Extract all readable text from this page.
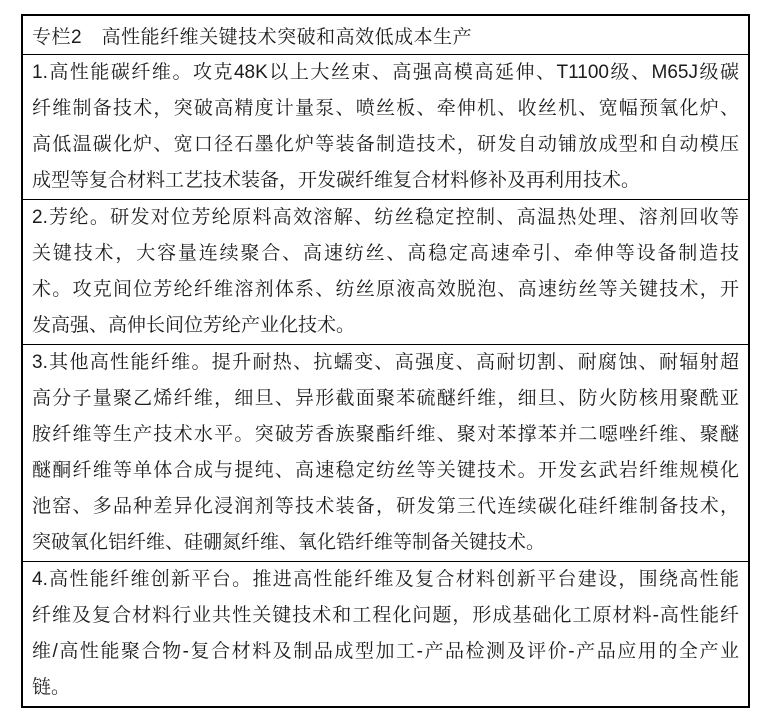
专栏2　高性能纤维关键技术突破和高效低成本生产
1.高性能碳纤维。攻克48K以上大丝束、高强高模高延伸、T1100级、M65J级碳
纤维制备技术，突破高精度计量泵、喷丝板、牵伸机、收丝机、宽幅预氧化炉、
高低温碳化炉、宽口径石墨化炉等装备制造技术，研发自动铺放成型和自动模压
成型等复合材料工艺技术装备，开发碳纤维复合材料修补及再利用技术。
2.芳纶。研发对位芳纶原料高效溶解、纺丝稳定控制、高温热处理、溶剂回收等
关键技术，大容量连续聚合、高速纺丝、高稳定高速牵引、牵伸等设备制造技
术。攻克间位芳纶纤维溶剂体系、纺丝原液高效脱泡、高速纺丝等关键技术，开
发高强、高伸长间位芳纶产业化技术。
3.其他高性能纤维。提升耐热、抗蠕变、高强度、高耐切割、耐腐蚀、耐辐射超
高分子量聚乙烯纤维，细旦、异形截面聚苯硫醚纤维，细旦、防火防核用聚酰亚
胺纤维等生产技术水平。突破芳香族聚酯纤维、聚对苯撑苯并二噁唑纤维、聚醚
醚酮纤维等单体合成与提纯、高速稳定纺丝等关键技术。开发玄武岩纤维规模化
池窑、多品种差异化浸润剂等技术装备，研发第三代连续碳化硅纤维制备技术，
突破氧化铝纤维、硅硼氮纤维、氧化锆纤维等制备关键技术。
4.高性能纤维创新平台。推进高性能纤维及复合材料创新平台建设，围绕高性能
纤维及复合材料行业共性关键技术和工程化问题，形成基础化工原材料-高性能纤
维/高性能聚合物-复合材料及制品成型加工-产品检测及评价-产品应用的全产业
链。
